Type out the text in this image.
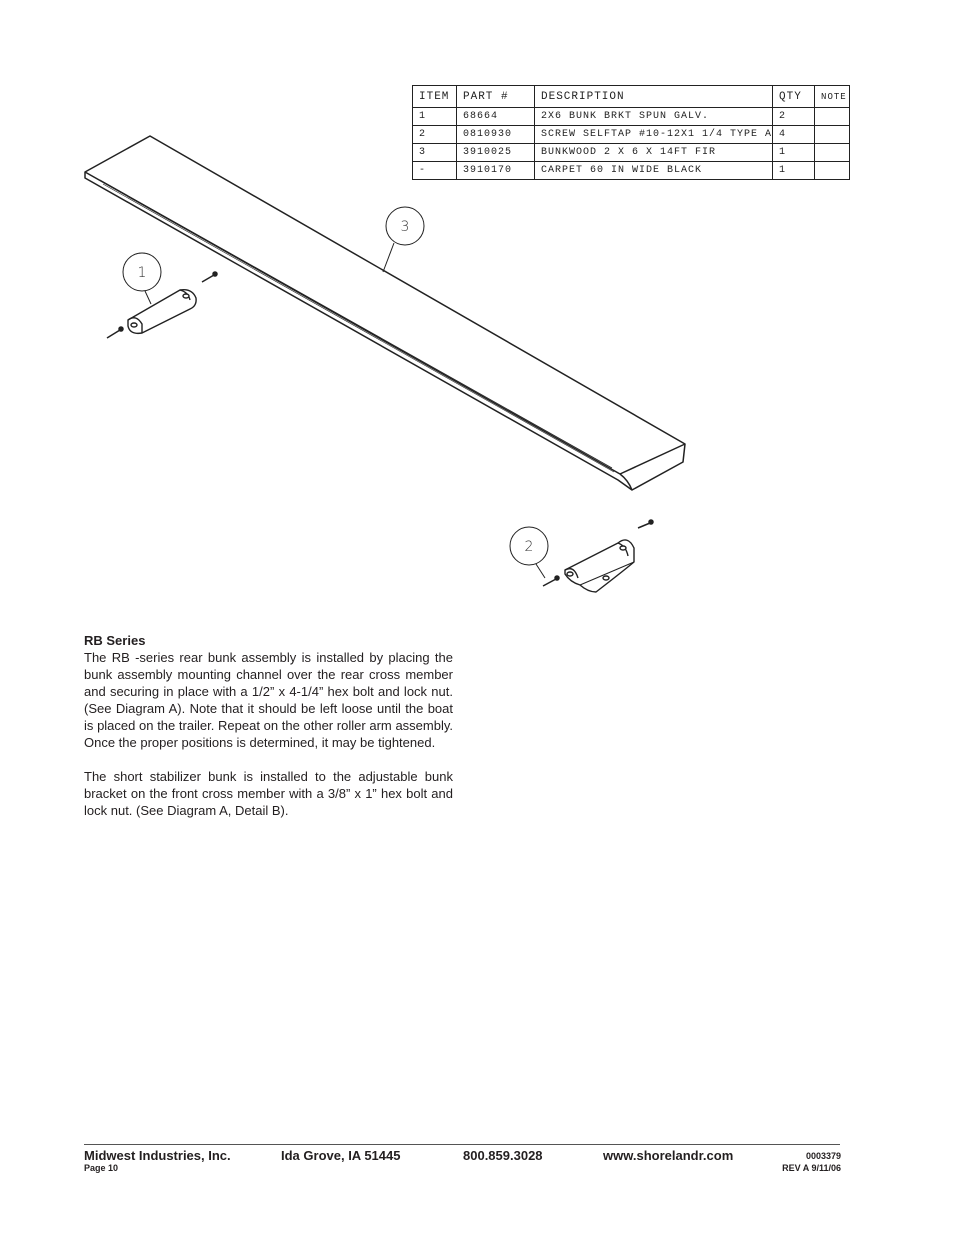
3
1
2
ITEM	PART #	DESCRIPTION	QTY	NOTE
1	68664	2X6 BUNK BRKT SPUN GALV.	2	
2	0810930	SCREW SELFTAP #10-12X1 1/4 TYPE A	4	
3	3910025	BUNKWOOD 2 X 6 X 14FT FIR	1	
-	3910170	CARPET 60 IN WIDE BLACK	1	
RB Series

The RB -series rear bunk assembly is installed by placing the bunk assembly mounting channel over the rear cross member and securing in place with a 1/2” x 4-1/4” hex bolt and lock nut. (See Diagram A). Note that it should be left loose until the boat is placed on the trailer. Repeat on the other roller arm assembly. Once the proper positions is determined, it may be tightened.

The short stabilizer bunk is installed to the adjustable bunk bracket on the front cross member with a 3/8” x 1” hex bolt and lock nut. (See Diagram A, Detail B).

Midwest Industries, Inc.	Ida Grove, IA 51445	800.859.3028	www.shorelandr.com
Page 10
0003379
REV A 9/11/06
